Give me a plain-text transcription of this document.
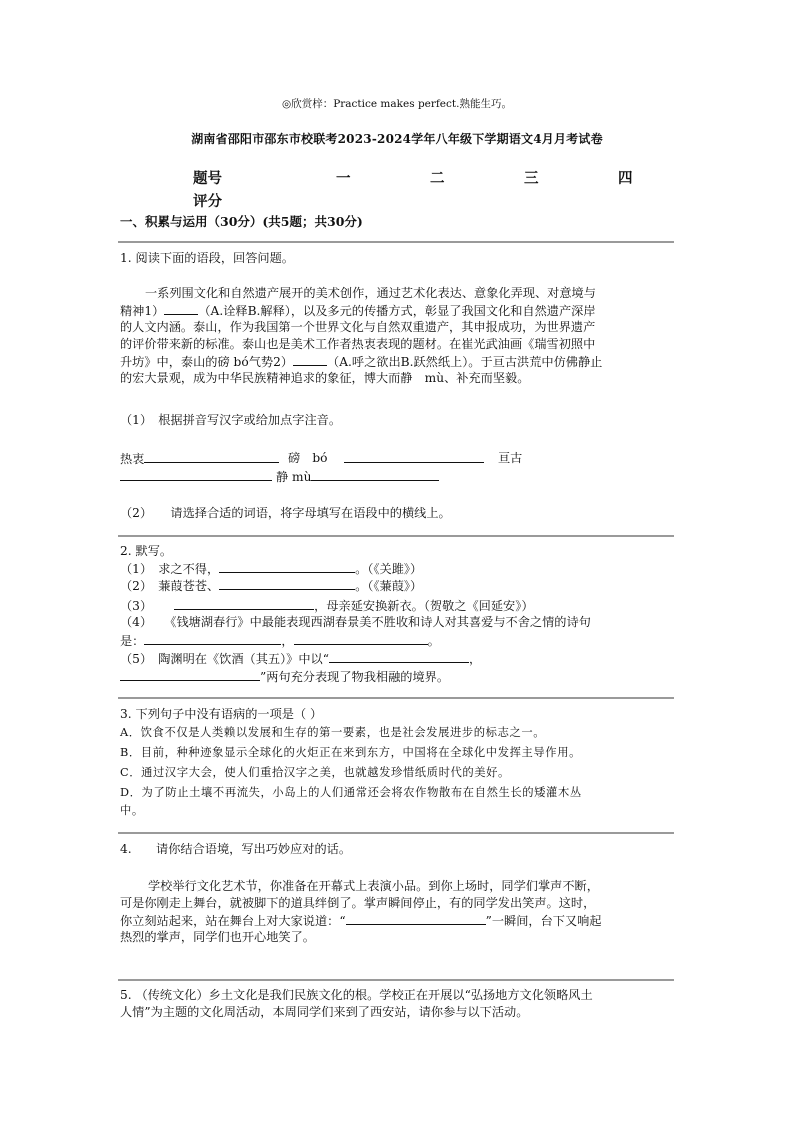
◎欣赏梓：Practice makes perfect.熟能生巧。
湖南省邵阳市邵东市校联考2023-2024学年八年级下学期语文4月月考试卷
题号	一	二	三	四
评分
一、积累与运用（30分）(共5题；共30分)
1. 阅读下面的语段，回答问题。
一系列围文化和自然遗产展开的美术创作，通过艺术化表达、意象化弄现、对意境与
精神1）	（A.诠释B.解释），以及多元的传播方式，彰显了我国文化和自然遗产深岸
的人文内涵。泰山，作为我国第一个世界文化与自然双重遗产，其申报成功，为世界遗产
的评价带来新的标准。泰山也是美术工作者热衷表现的题材。在崔光武油画《瑞雪初照中
升坊》中，泰山的磅 bó气势2）	（A.呼之欲出B.跃然纸上）。于亘古洪荒中仿佛静止
的宏大景观，成为中华民族精神追求的象征，博大而静　mù、补充而坚毅。
（1）　根据拼音写汉字或给加点字注音。
热衷	磅　bó	亘古
静 mù
（2）　　请选择合适的词语，将字母填写在语段中的横线上。
2. 默写。
（1）　求之不得，	。（《关雎》）
（2）　蒹葭苍苍、	。（《蒹葭》）
（3）	，母亲延安换新衣。（贺敬之《回延安》）
（4）　　《钱塘湖春行》中最能表现西湖春景美不胜收和诗人对其喜爱与不舍之情的诗句
是：	，	。
（5）　陶渊明在《饮酒（其五）》中以“	，
”两句充分表现了物我相融的境界。
3. 下列句子中没有语病的一项是（ ）
A．饮食不仅是人类赖以发展和生存的第一要素，也是社会发展进步的标志之一。
B．目前，种种迹象显示全球化的火炬正在来到东方，中国将在全球化中发挥主导作用。
C．通过汉字大会，使人们重拾汉字之美，也就越发珍惜纸质时代的美好。
D．为了防止土壤不再流失，小岛上的人们通常还会将农作物散布在自然生长的矮灌木丛
中。
4.　　请你结合语境，写出巧妙应对的话。
学校举行文化艺术节，你准备在开幕式上表演小品。到你上场时，同学们掌声不断，
可是你刚走上舞台，就被脚下的道具绊倒了。掌声瞬间停止，有的同学发出笑声。这时，
你立刻站起来，站在舞台上对大家说道：“	”一瞬间，台下又响起
热烈的掌声，同学们也开心地笑了。
5. （传统文化）乡土文化是我们民族文化的根。学校正在开展以“弘扬地方文化领略风土
人情”为主题的文化周活动，本周同学们来到了西安站，请你参与以下活动。
